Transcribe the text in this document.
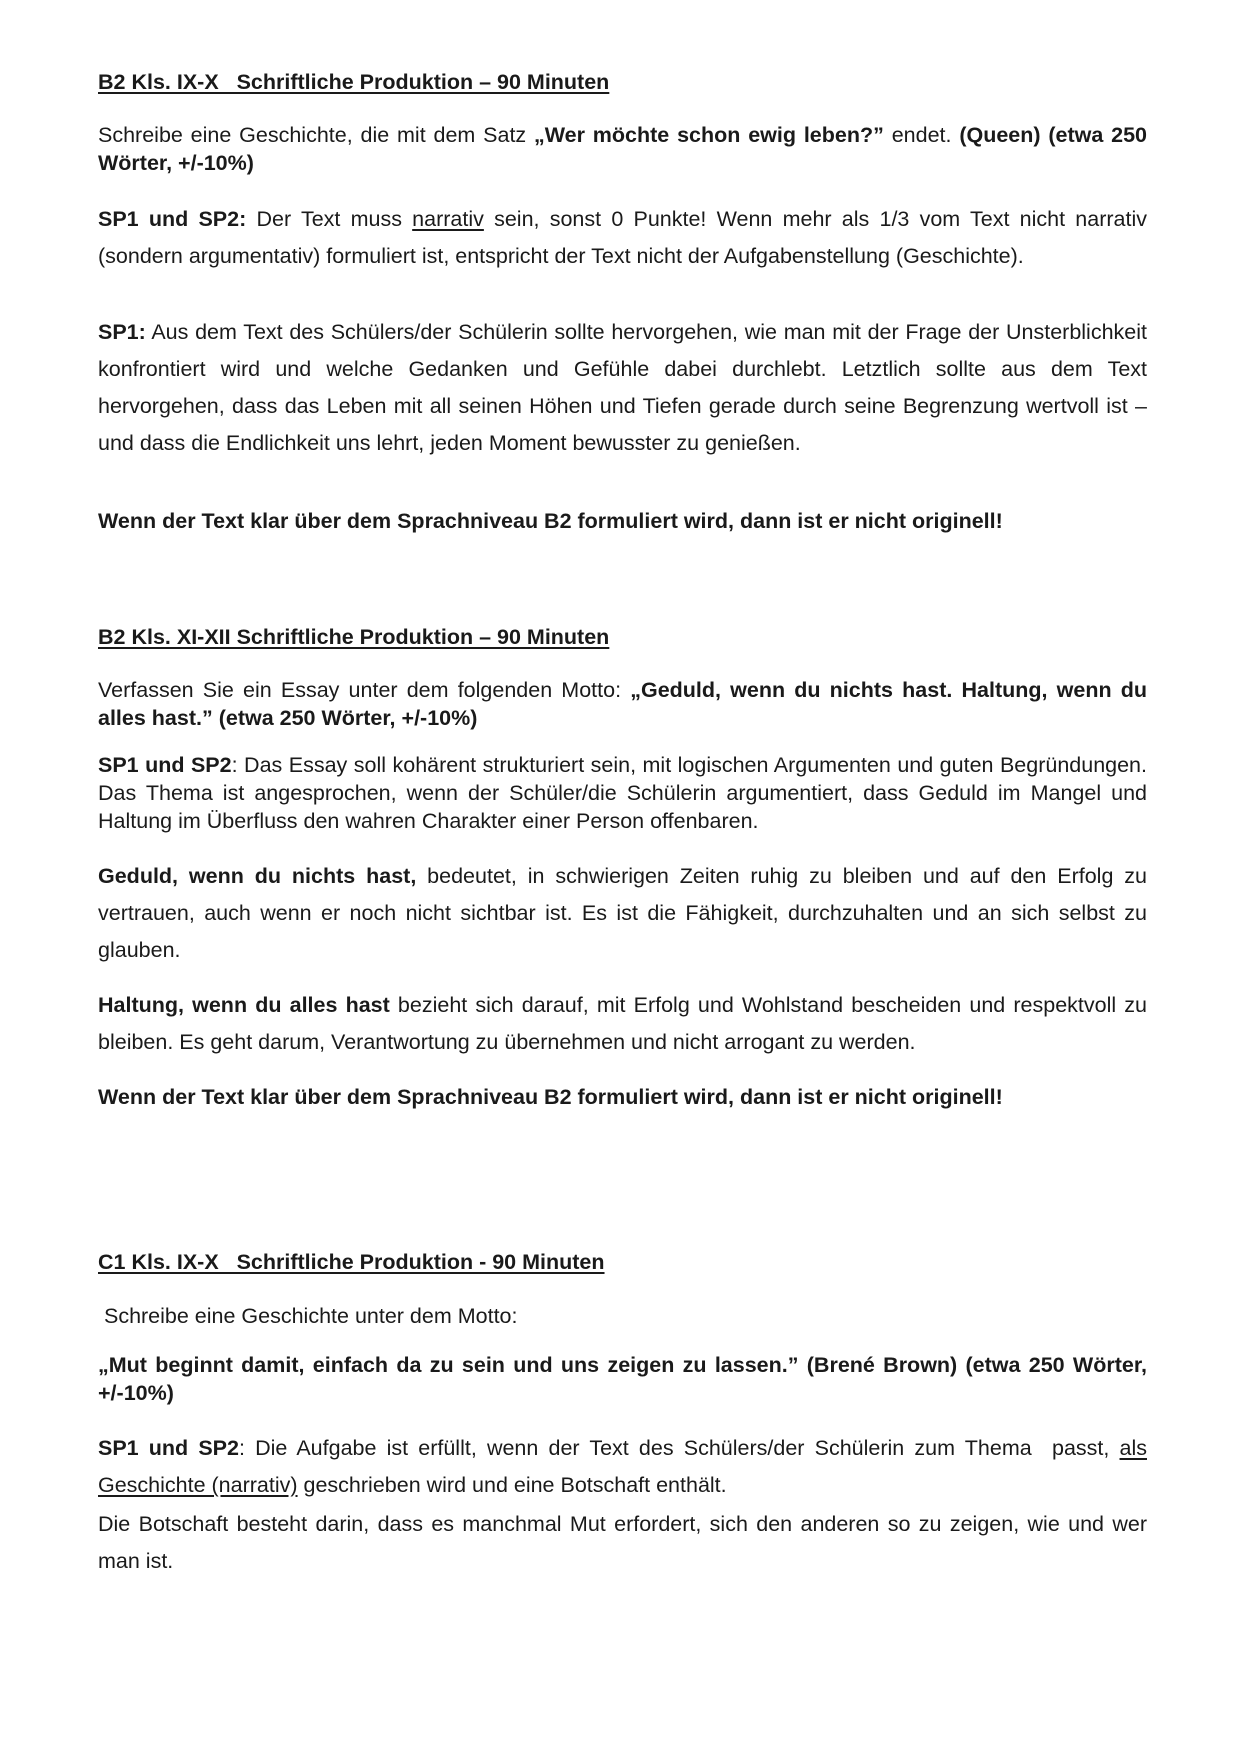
B2 Kls. IX-X   Schriftliche Produktion – 90 Minuten

Schreibe eine Geschichte, die mit dem Satz „Wer möchte schon ewig leben?” endet. (Queen) (etwa 250 Wörter, +/-10%)

SP1 und SP2: Der Text muss narrativ sein, sonst 0 Punkte! Wenn mehr als 1/3 vom Text nicht narrativ (sondern argumentativ) formuliert ist, entspricht der Text nicht der Aufgabenstellung (Geschichte).

SP1: Aus dem Text des Schülers/der Schülerin sollte hervorgehen, wie man mit der Frage der Unsterblichkeit konfrontiert wird und welche Gedanken und Gefühle dabei durchlebt. Letztlich sollte aus dem Text hervorgehen, dass das Leben mit all seinen Höhen und Tiefen gerade durch seine Begrenzung wertvoll ist – und dass die Endlichkeit uns lehrt, jeden Moment bewusster zu genießen.

Wenn der Text klar über dem Sprachniveau B2 formuliert wird, dann ist er nicht originell!

B2 Kls. XI-XII Schriftliche Produktion – 90 Minuten

Verfassen Sie ein Essay unter dem folgenden Motto: „Geduld, wenn du nichts hast. Haltung, wenn du alles hast.” (etwa 250 Wörter, +/-10%)

SP1 und SP2: Das Essay soll kohärent strukturiert sein, mit logischen Argumenten und guten Begründungen. Das Thema ist angesprochen, wenn der Schüler/die Schülerin argumentiert, dass Geduld im Mangel und Haltung im Überfluss den wahren Charakter einer Person offenbaren.

Geduld, wenn du nichts hast, bedeutet, in schwierigen Zeiten ruhig zu bleiben und auf den Erfolg zu vertrauen, auch wenn er noch nicht sichtbar ist. Es ist die Fähigkeit, durchzuhalten und an sich selbst zu glauben.

Haltung, wenn du alles hast bezieht sich darauf, mit Erfolg und Wohlstand bescheiden und respektvoll zu bleiben. Es geht darum, Verantwortung zu übernehmen und nicht arrogant zu werden.

Wenn der Text klar über dem Sprachniveau B2 formuliert wird, dann ist er nicht originell!

C1 Kls. IX-X   Schriftliche Produktion - 90 Minuten

Schreibe eine Geschichte unter dem Motto:

„Mut beginnt damit, einfach da zu sein und uns zeigen zu lassen.” (Brené Brown) (etwa 250 Wörter, +/-10%)

SP1 und SP2: Die Aufgabe ist erfüllt, wenn der Text des Schülers/der Schülerin zum Thema  passt, als Geschichte (narrativ) geschrieben wird und eine Botschaft enthält.

Die Botschaft besteht darin, dass es manchmal Mut erfordert, sich den anderen so zu zeigen, wie und wer man ist.
